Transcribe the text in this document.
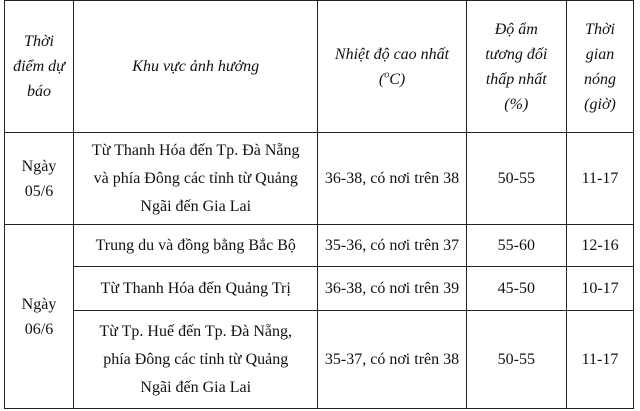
Thời
điểm dự
báo	Khu vực ảnh hưởng	Nhiệt độ cao nhất
($^o$C)	Độ ẩm
tương đối
thấp nhất
(%)	Thời
gian
nóng
(giờ)

Ngày
05/6	Từ Thanh Hóa đến Tp. Đà Nẵng
và phía Đông các tỉnh từ Quảng
Ngãi đến Gia Lai	36-38, có nơi trên 38	50-55	11-17

Ngày
06/6	Trung du và đồng bằng Bắc Bộ	35-36, có nơi trên 37	55-60	12-16
	Từ Thanh Hóa đến Quảng Trị	36-38, có nơi trên 39	45-50	10-17

	Từ Tp. Huế đến Tp. Đà Nẵng,
phía Đông các tỉnh từ Quảng
Ngãi đến Gia Lai	35-37, có nơi trên 38	50-55	11-17
